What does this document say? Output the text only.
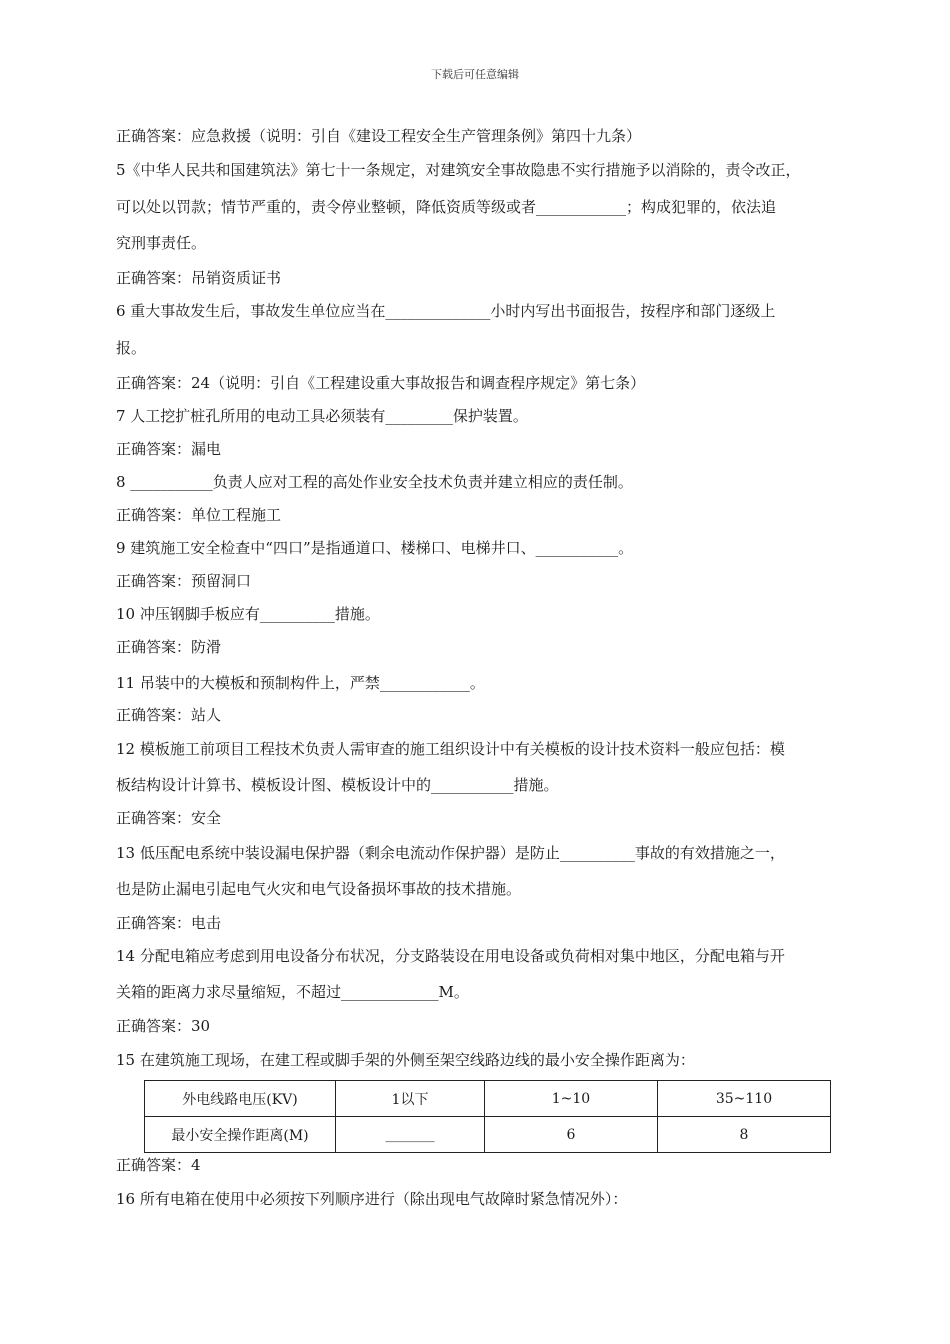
下载后可任意编辑
正确答案：应急救援（说明：引自《建设工程安全生产管理条例》第四十九条）
5《中华人民共和国建筑法》第七十一条规定，对建筑安全事故隐患不实行措施予以消除的，责令改正，
可以处以罚款；情节严重的，责令停业整顿，降低资质等级或者____________；构成犯罪的，依法追
究刑事责任。
正确答案：吊销资质证书
6 重大事故发生后，事故发生单位应当在______________小时内写出书面报告，按程序和部门逐级上
报。
正确答案：24（说明：引自《工程建设重大事故报告和调查程序规定》第七条）
7 人工挖扩桩孔所用的电动工具必须装有_________保护装置。
正确答案：漏电
8 ___________负责人应对工程的高处作业安全技术负责并建立相应的责任制。
正确答案：单位工程施工
9 建筑施工安全检查中“四口”是指通道口、楼梯口、电梯井口、___________。
正确答案：预留洞口
10 冲压钢脚手板应有__________措施。
正确答案：防滑
11 吊装中的大模板和预制构件上，严禁____________。
正确答案：站人
12 模板施工前项目工程技术负责人需审查的施工组织设计中有关模板的设计技术资料一般应包括：模
板结构设计计算书、模板设计图、模板设计中的___________措施。
正确答案：安全
13 低压配电系统中装设漏电保护器（剩余电流动作保护器）是防止__________事故的有效措施之一，
也是防止漏电引起电气火灾和电气设备损坏事故的技术措施。
正确答案：电击
14 分配电箱应考虑到用电设备分布状况，分支路装设在用电设备或负荷相对集中地区，分配电箱与开
关箱的距离力求尽量缩短，不超过_____________M。
正确答案：30
15 在建筑施工现场，在建工程或脚手架的外侧至架空线路边线的最小安全操作距离为：
外电线路电压(KV)	1以下	1~10	35~110
最小安全操作距离(M)	_______	6	8
正确答案：4
16 所有电箱在使用中必须按下列顺序进行（除出现电气故障时紧急情况外）：
